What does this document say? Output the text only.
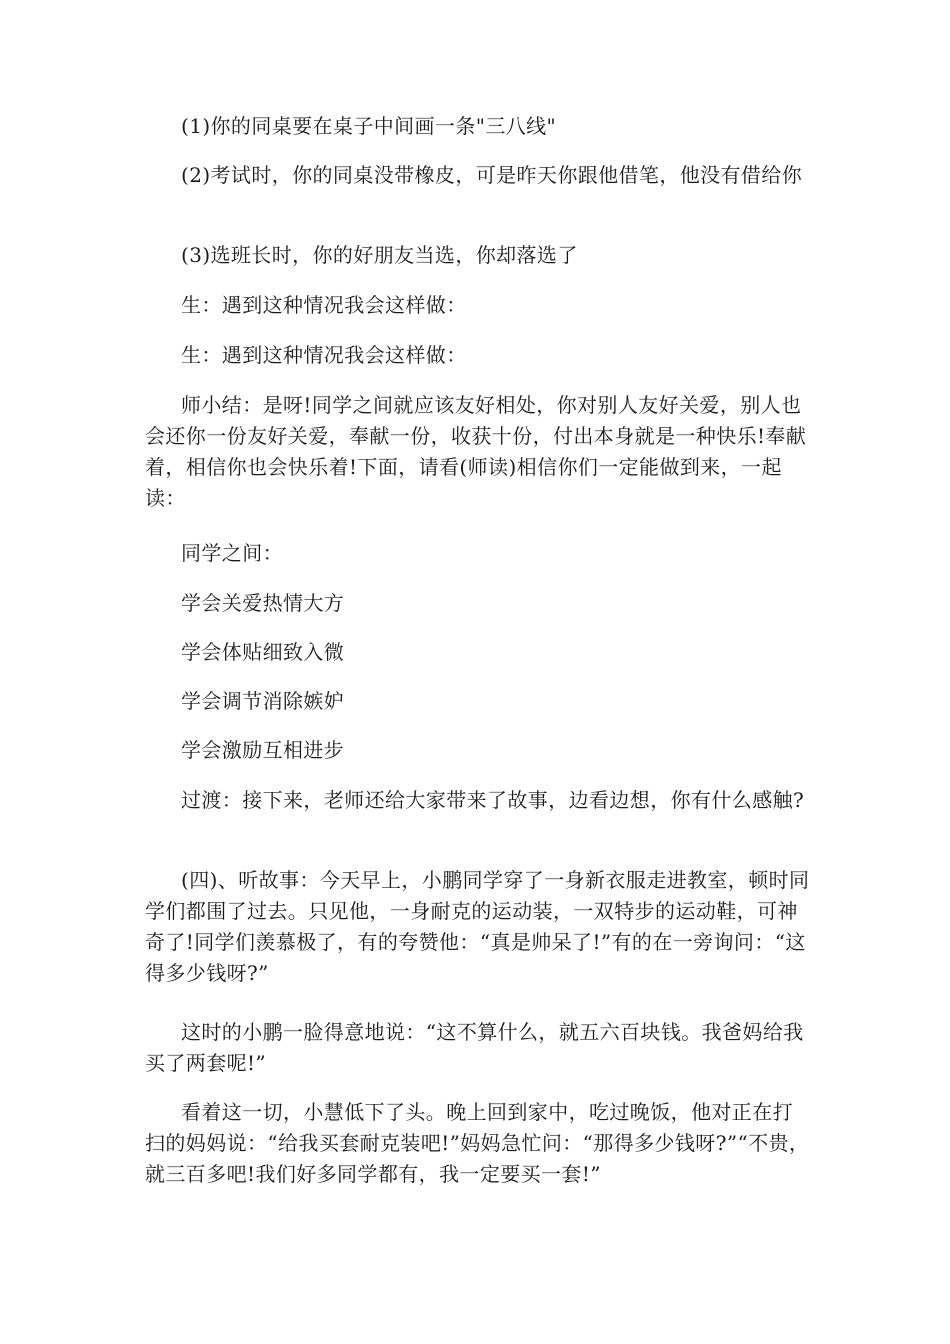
(1)你的同桌要在桌子中间画一条"三八线"

(2)考试时，你的同桌没带橡皮，可是昨天你跟他借笔，他没有借给你

(3)选班长时，你的好朋友当选，你却落选了

生：遇到这种情况我会这样做：

生：遇到这种情况我会这样做：

师小结：是呀!同学之间就应该友好相处，你对别人友好关爱，别人也会还你一份友好关爱，奉献一份，收获十份，付出本身就是一种快乐!奉献着，相信你也会快乐着!下面，请看(师读)相信你们一定能做到来，一起读：

同学之间：

学会关爱热情大方

学会体贴细致入微

学会调节消除嫉妒

学会激励互相进步

过渡：接下来，老师还给大家带来了故事，边看边想，你有什么感触?

(四)、听故事：今天早上，小鹏同学穿了一身新衣服走进教室，顿时同学们都围了过去。只见他，一身耐克的运动装，一双特步的运动鞋，可神奇了!同学们羡慕极了，有的夸赞他：“真是帅呆了!”有的在一旁询问：“这得多少钱呀?”

这时的小鹏一脸得意地说：“这不算什么，就五六百块钱。我爸妈给我买了两套呢!”

看着这一切，小慧低下了头。晚上回到家中，吃过晚饭，他对正在打扫的妈妈说：“给我买套耐克装吧!”妈妈急忙问：“那得多少钱呀?”“不贵，就三百多吧!我们好多同学都有，我一定要买一套!”
